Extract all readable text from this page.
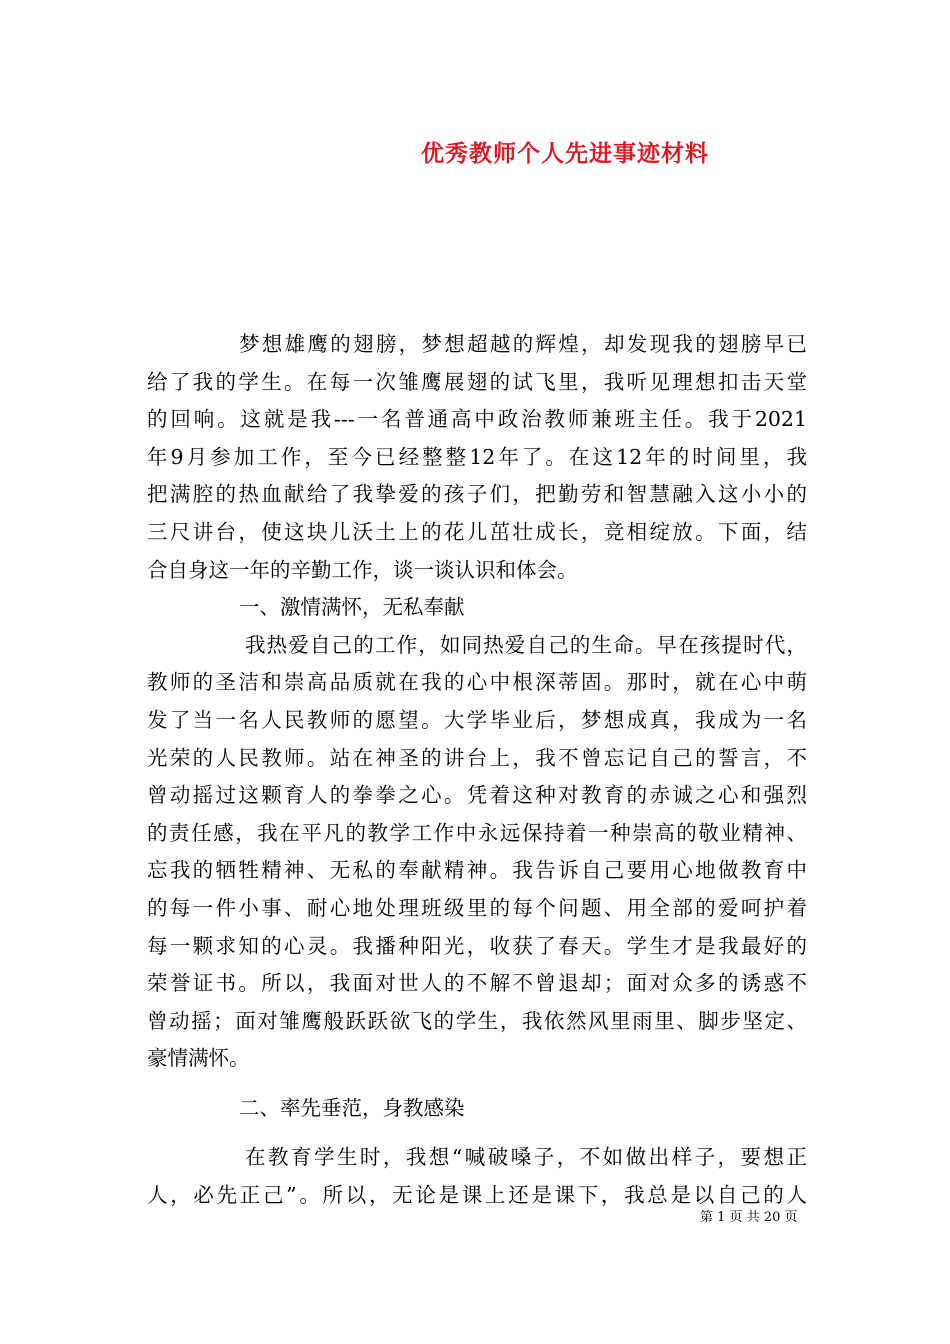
优秀教师个人先进事迹材料
梦想雄鹰的翅膀，梦想超越的辉煌，却发现我的翅膀早已
给了我的学生。在每一次雏鹰展翅的试飞里，我听见理想扣击天堂
的回响。这就是我---一名普通高中政治教师兼班主任。我于2021
年9月参加工作，至今已经整整12年了。在这12年的时间里，我
把满腔的热血献给了我挚爱的孩子们，把勤劳和智慧融入这小小的
三尺讲台，使这块儿沃土上的花儿茁壮成长，竞相绽放。下面，结
合自身这一年的辛勤工作，谈一谈认识和体会。
一、激情满怀，无私奉献
我热爱自己的工作，如同热爱自己的生命。早在孩提时代，
教师的圣洁和崇高品质就在我的心中根深蒂固。那时，就在心中萌
发了当一名人民教师的愿望。大学毕业后，梦想成真，我成为一名
光荣的人民教师。站在神圣的讲台上，我不曾忘记自己的誓言，不
曾动摇过这颗育人的拳拳之心。凭着这种对教育的赤诚之心和强烈
的责任感，我在平凡的教学工作中永远保持着一种崇高的敬业精神、
忘我的牺牲精神、无私的奉献精神。我告诉自己要用心地做教育中
的每一件小事、耐心地处理班级里的每个问题、用全部的爱呵护着
每一颗求知的心灵。我播种阳光，收获了春天。学生才是我最好的
荣誉证书。所以，我面对世人的不解不曾退却；面对众多的诱惑不
曾动摇；面对雏鹰般跃跃欲飞的学生，我依然风里雨里、脚步坚定、
豪情满怀。
二、率先垂范，身教感染
在教育学生时，我想“喊破嗓子，不如做出样子，要想正
人，必先正己”。所以，无论是课上还是课下，我总是以自己的人
第 1 页 共 20 页
